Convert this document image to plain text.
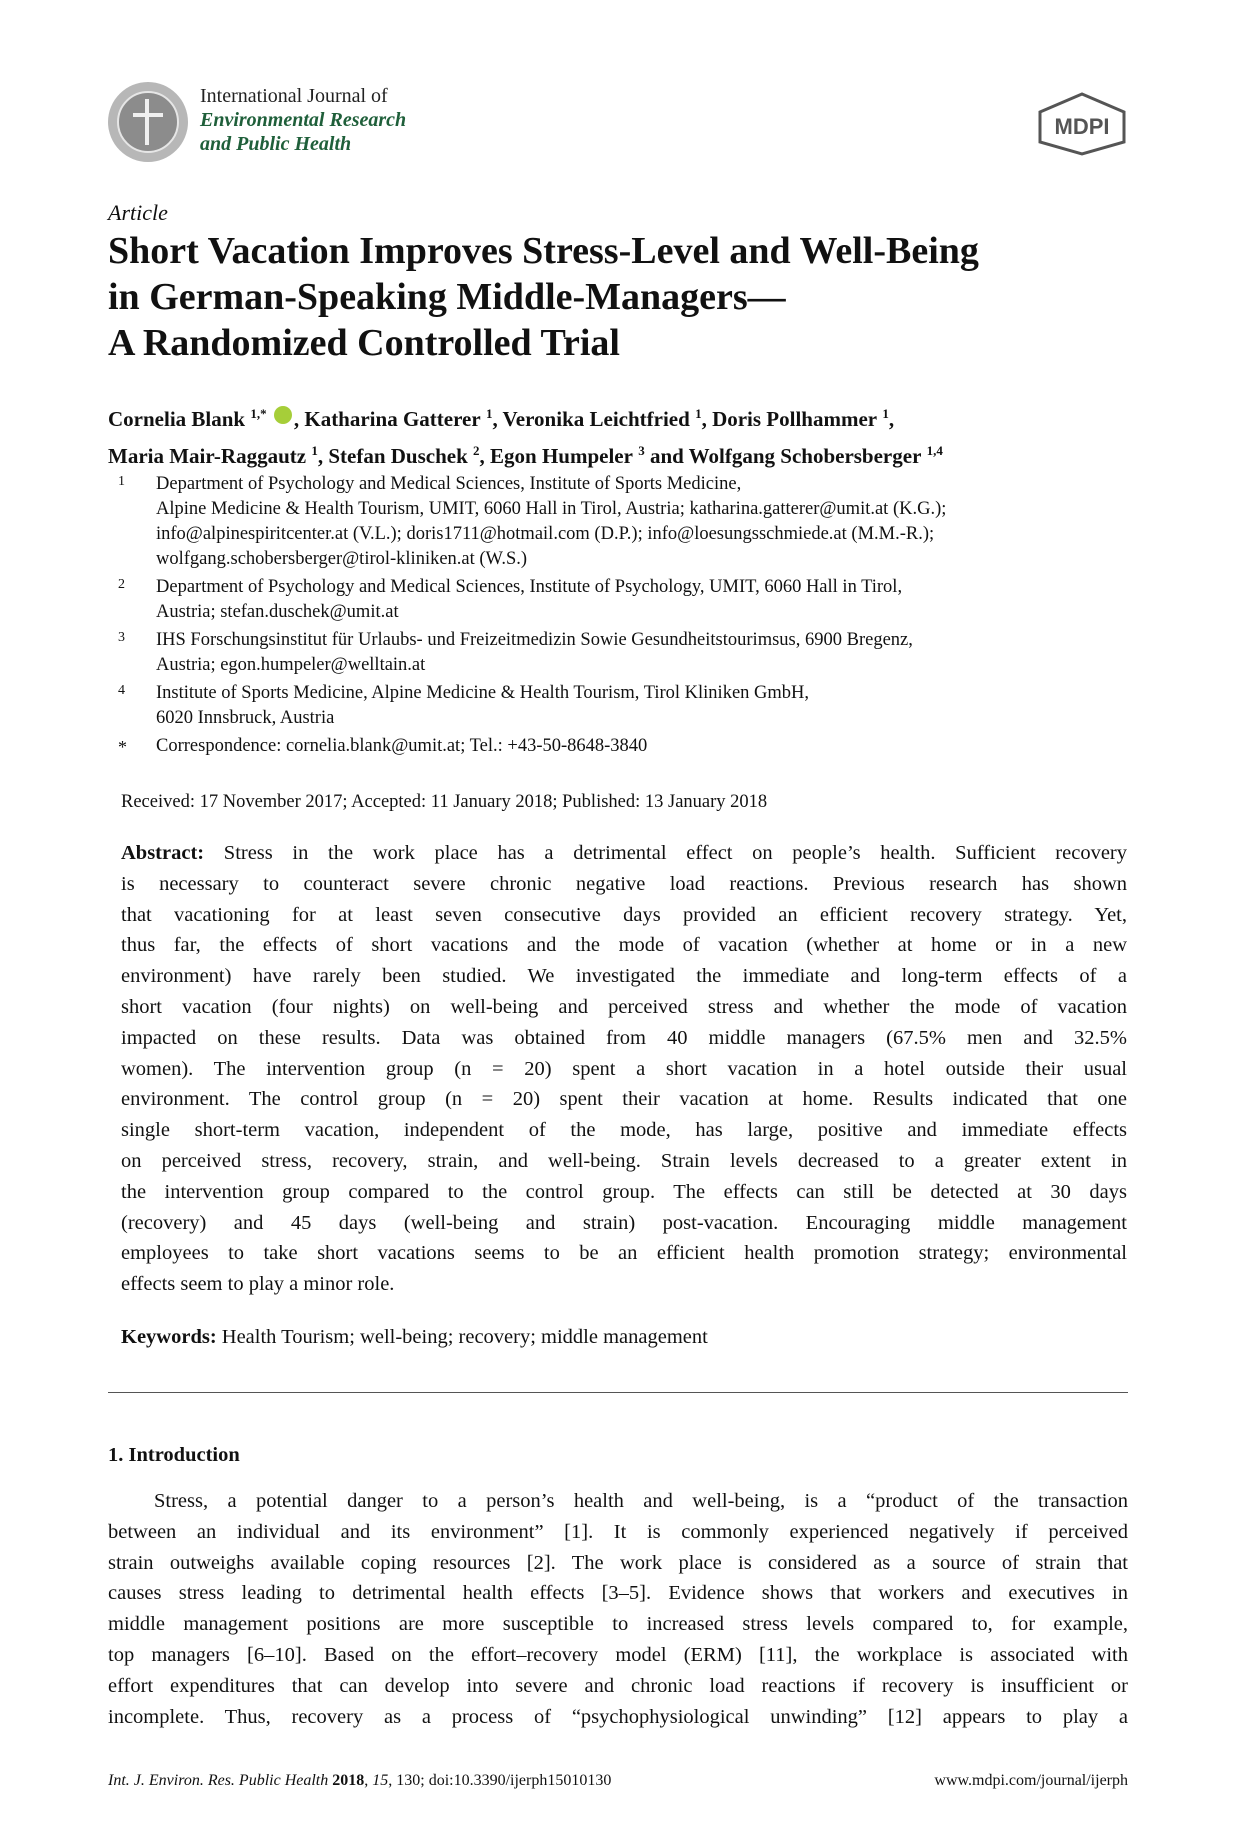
International Journal of
Environmental Research
and Public Health
MDPI
Article
Short Vacation Improves Stress-Level and Well-Being
in German-Speaking Middle-Managers—
A Randomized Controlled Trial
Cornelia Blank $^{1,*}$ , Katharina Gatterer $^1$, Veronika Leichtfried $^1$, Doris Pollhammer $^1$,
Maria Mair-Raggautz $^1$, Stefan Duschek $^2$, Egon Humpeler $^3$ and Wolfgang Schobersberger $^{1,4}$
1	Department of Psychology and Medical Sciences, Institute of Sports Medicine,
Alpine Medicine & Health Tourism, UMIT, 6060 Hall in Tirol, Austria; katharina.gatterer@umit.at (K.G.);
info@alpinespiritcenter.at (V.L.); doris1711@hotmail.com (D.P.); info@loesungsschmiede.at (M.M.-R.);
wolfgang.schobersberger@tirol-kliniken.at (W.S.)
2	Department of Psychology and Medical Sciences, Institute of Psychology, UMIT, 6060 Hall in Tirol,
Austria; stefan.duschek@umit.at
3	IHS Forschungsinstitut für Urlaubs- und Freizeitmedizin Sowie Gesundheitstourimsus, 6900 Bregenz,
Austria; egon.humpeler@welltain.at
4	Institute of Sports Medicine, Alpine Medicine & Health Tourism, Tirol Kliniken GmbH,
6020 Innsbruck, Austria
*	Correspondence: cornelia.blank@umit.at; Tel.: +43-50-8648-3840
Received: 17 November 2017; Accepted: 11 January 2018; Published: 13 January 2018
Abstract: Stress in the work place has a detrimental effect on people’s health. Sufficient recovery
is necessary to counteract severe chronic negative load reactions. Previous research has shown
that vacationing for at least seven consecutive days provided an efficient recovery strategy. Yet,
thus far, the effects of short vacations and the mode of vacation (whether at home or in a new
environment) have rarely been studied. We investigated the immediate and long-term effects of a
short vacation (four nights) on well-being and perceived stress and whether the mode of vacation
impacted on these results. Data was obtained from 40 middle managers (67.5% men and 32.5%
women). The intervention group (n = 20) spent a short vacation in a hotel outside their usual
environment. The control group (n = 20) spent their vacation at home. Results indicated that one
single short-term vacation, independent of the mode, has large, positive and immediate effects
on perceived stress, recovery, strain, and well-being. Strain levels decreased to a greater extent in
the intervention group compared to the control group. The effects can still be detected at 30 days
(recovery) and 45 days (well-being and strain) post-vacation. Encouraging middle management
employees to take short vacations seems to be an efficient health promotion strategy; environmental
effects seem to play a minor role.
Keywords: Health Tourism; well-being; recovery; middle management
1. Introduction
Stress, a potential danger to a person’s health and well-being, is a “product of the transaction
between an individual and its environment” [1]. It is commonly experienced negatively if perceived
strain outweighs available coping resources [2]. The work place is considered as a source of strain that
causes stress leading to detrimental health effects [3–5]. Evidence shows that workers and executives in
middle management positions are more susceptible to increased stress levels compared to, for example,
top managers [6–10]. Based on the effort–recovery model (ERM) [11], the workplace is associated with
effort expenditures that can develop into severe and chronic load reactions if recovery is insufficient or
incomplete. Thus, recovery as a process of “psychophysiological unwinding” [12] appears to play a
Int. J. Environ. Res. Public Health 2018, 15, 130; doi:10.3390/ijerph15010130	www.mdpi.com/journal/ijerph
